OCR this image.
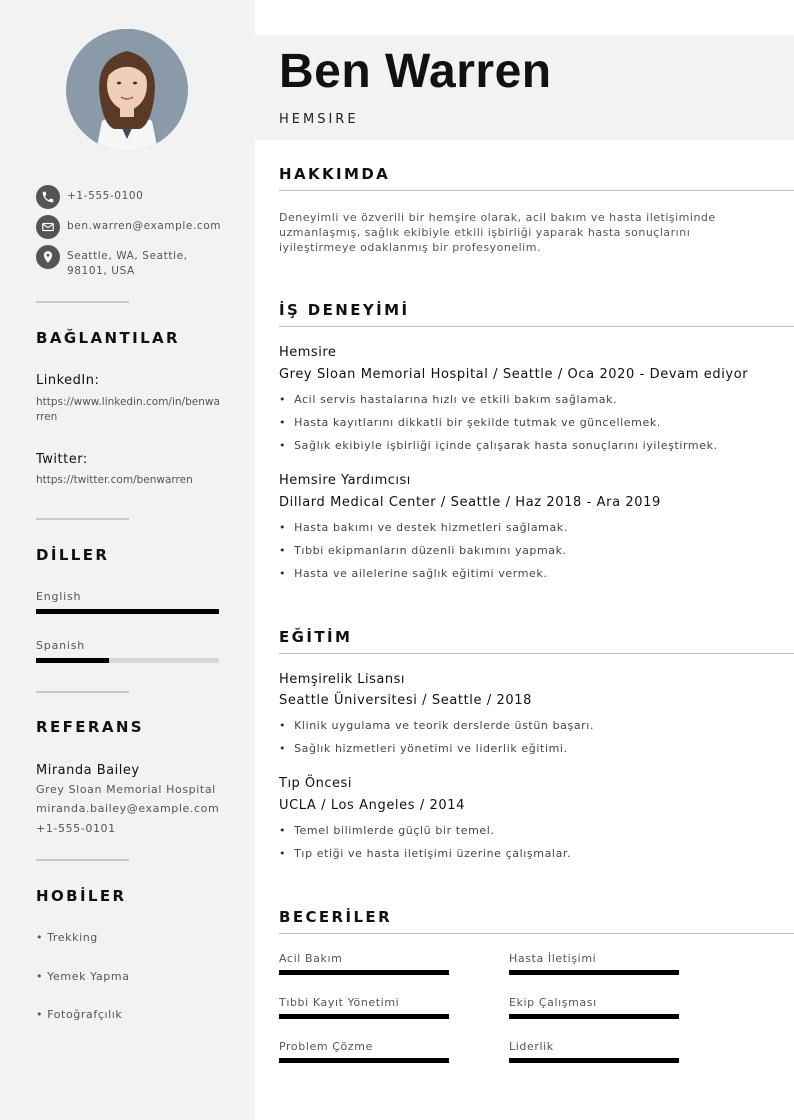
+1-555-0100
ben.warren@example.com
Seattle, WA, Seattle, 98101, USA
BAĞLANTILAR
LinkedIn:
https://www.linkedin.com/in/benwarren
Twitter:
https://twitter.com/benwarren
DİLLER
English
Spanish
REFERANS
Miranda Bailey
Grey Sloan Memorial Hospital
miranda.bailey@example.com
+1-555-0101
HOBİLER
• Trekking
• Yemek Yapma
• Fotoğrafçılık
Ben Warren
HEMSIRE
HAKKIMDA
Deneyimli ve özverili bir hemşire olarak, acil bakım ve hasta iletişiminde uzmanlaşmış, sağlık ekibiyle etkili işbirliği yaparak hasta sonuçlarını iyileştirmeye odaklanmış bir profesyonelim.
İŞ DENEYİMİ
Hemsire
Grey Sloan Memorial Hospital / Seattle / Oca 2020 - Devam ediyor
• Acil servis hastalarına hızlı ve etkili bakım sağlamak.
• Hasta kayıtlarını dikkatli bir şekilde tutmak ve güncellemek.
• Sağlık ekibiyle işbirliği içinde çalışarak hasta sonuçlarını iyileştirmek.
Hemsire Yardımcısı
Dillard Medical Center / Seattle / Haz 2018 - Ara 2019
• Hasta bakımı ve destek hizmetleri sağlamak.
• Tıbbi ekipmanların düzenli bakımını yapmak.
• Hasta ve ailelerine sağlık eğitimi vermek.
EĞİTİM
Hemşirelik Lisansı
Seattle Üniversitesi / Seattle / 2018
• Klinik uygulama ve teorik derslerde üstün başarı.
• Sağlık hizmetleri yönetimi ve liderlik eğitimi.
Tıp Öncesi
UCLA / Los Angeles / 2014
• Temel bilimlerde güçlü bir temel.
• Tıp etiği ve hasta iletişimi üzerine çalışmalar.
BECERİLER
Acil Bakım	Hasta İletişimi
Tıbbi Kayıt Yönetimi	Ekip Çalışması
Problem Çözme	Liderlik
